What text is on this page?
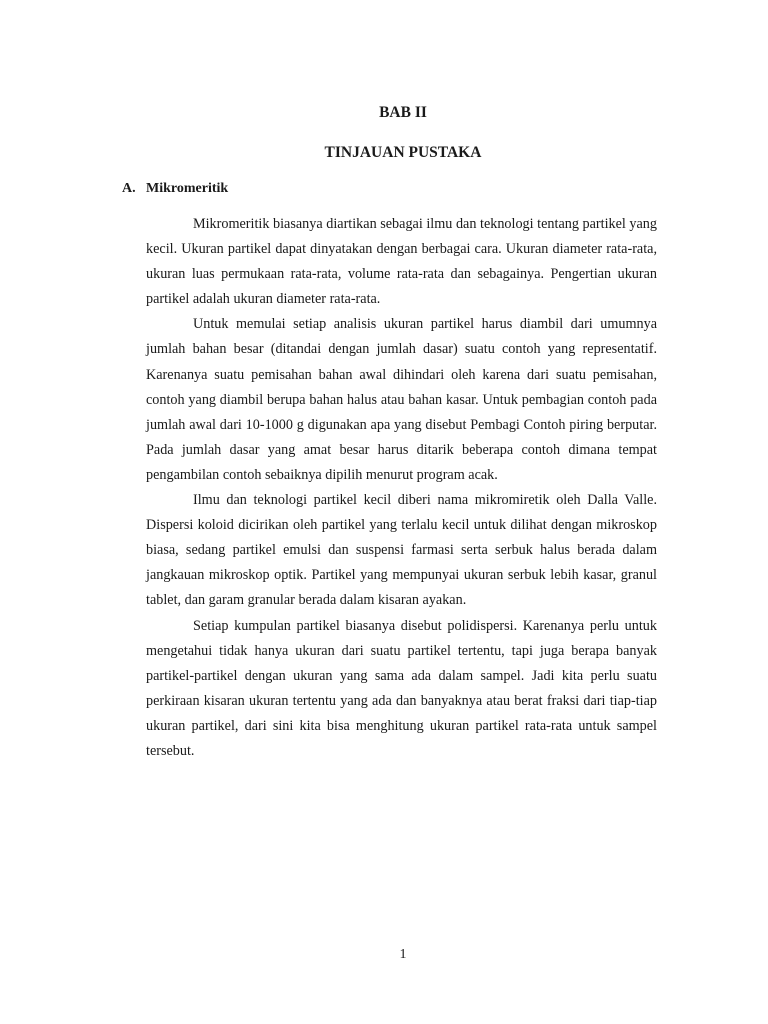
BAB II
TINJAUAN PUSTAKA
A. Mikromeritik

Mikromeritik biasanya diartikan sebagai ilmu dan teknologi tentang partikel yang kecil. Ukuran partikel dapat dinyatakan dengan berbagai cara. Ukuran diameter rata-rata, ukuran luas permukaan rata-rata, volume rata-rata dan sebagainya. Pengertian ukuran partikel adalah ukuran diameter rata-rata.

Untuk memulai setiap analisis ukuran partikel harus diambil dari umumnya jumlah bahan besar (ditandai dengan jumlah dasar) suatu contoh yang representatif. Karenanya suatu pemisahan bahan awal dihindari oleh karena dari suatu pemisahan, contoh yang diambil berupa bahan halus atau bahan kasar. Untuk pembagian contoh pada jumlah awal dari 10-1000 g digunakan apa yang disebut Pembagi Contoh piring berputar. Pada jumlah dasar yang amat besar harus ditarik beberapa contoh dimana tempat pengambilan contoh sebaiknya dipilih menurut program acak.

Ilmu dan teknologi partikel kecil diberi nama mikromiretik oleh Dalla Valle. Dispersi koloid dicirikan oleh partikel yang terlalu kecil untuk dilihat dengan mikroskop biasa, sedang partikel emulsi dan suspensi farmasi serta serbuk halus berada dalam jangkauan mikroskop optik. Partikel yang mempunyai ukuran serbuk lebih kasar, granul tablet, dan garam granular berada dalam kisaran ayakan.

Setiap kumpulan partikel biasanya disebut polidispersi. Karenanya perlu untuk mengetahui tidak hanya ukuran dari suatu partikel tertentu, tapi juga berapa banyak partikel-partikel dengan ukuran yang sama ada dalam sampel. Jadi kita perlu suatu perkiraan kisaran ukuran tertentu yang ada dan banyaknya atau berat fraksi dari tiap-tiap ukuran partikel, dari sini kita bisa menghitung ukuran partikel rata-rata untuk sampel tersebut.

1
